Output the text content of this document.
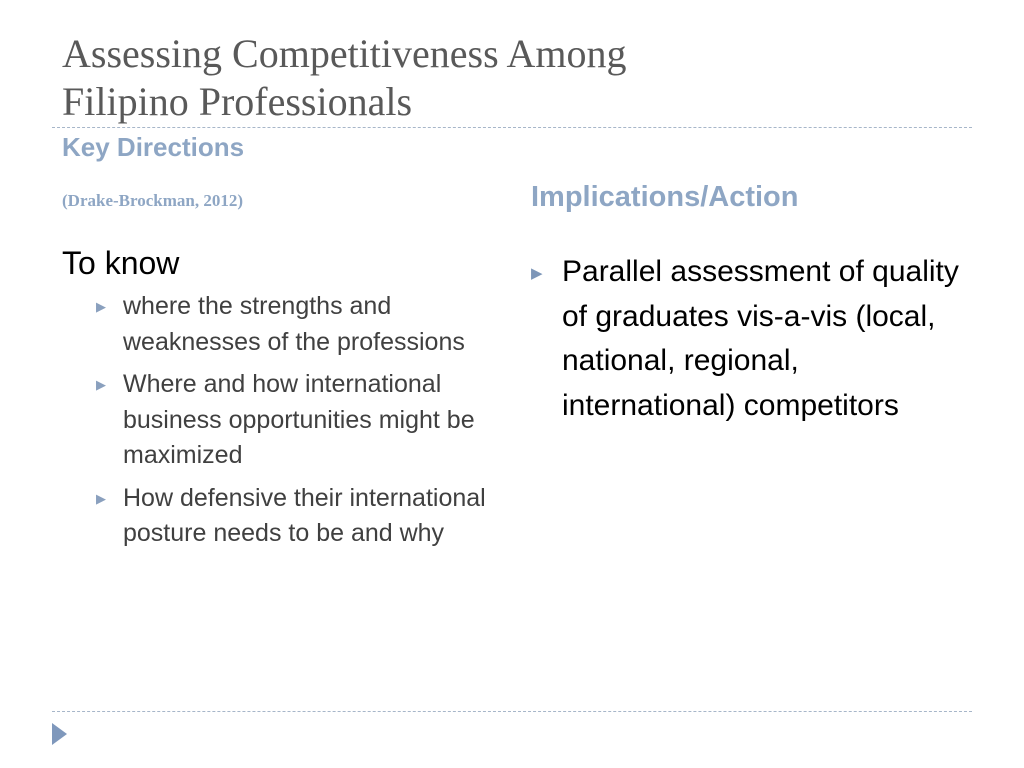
Assessing Competitiveness Among
Filipino Professionals
Key Directions
(Drake-Brockman, 2012)	Implications/Action
To know
▶ where the strengths and weaknesses of the professions
▶ Where and how international business opportunities might be maximized
▶ How defensive their international posture needs to be and why
▶ Parallel assessment of quality of graduates vis-a-vis (local, national, regional, international) competitors
